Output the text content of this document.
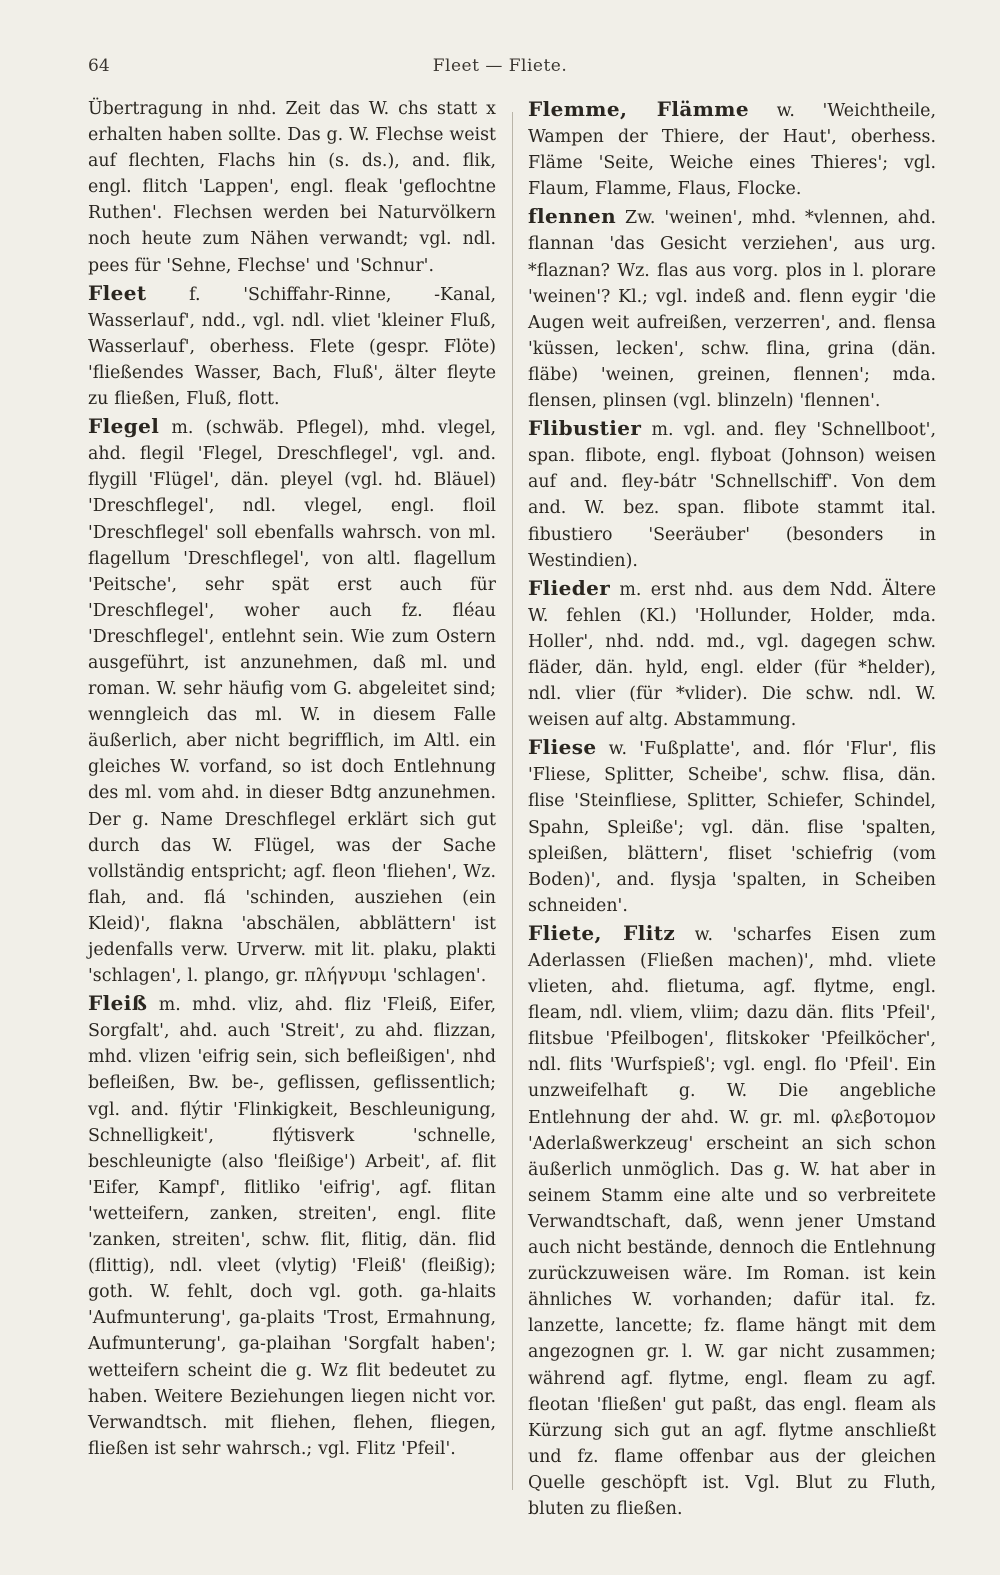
64	Fleet — Fliete.

Übertragung in nhd. Zeit das W. chs statt x erhalten haben sollte. Das g. W. Flechse weist auf flechten, Flachs hin (s. ds.), and. flik, engl. flitch 'Lappen', engl. fleak 'geflochtne Ruthen'. Flechsen werden bei Naturvölkern noch heute zum Nähen verwandt; vgl. ndl. pees für 'Sehne, Flechse' und 'Schnur'.

Fleet f. 'Schiffahr-Rinne, -Kanal, Wasserlauf', ndd., vgl. ndl. vliet 'kleiner Fluß, Wasserlauf', oberhess. Flete (gespr. Flöte) 'fließendes Wasser, Bach, Fluß', älter fleyte zu fließen, Fluß, flott.

Flegel m. (schwäb. Pflegel), mhd. vlegel, ahd. flegil 'Flegel, Dreschflegel', vgl. and. flygill 'Flügel', dän. pleyel (vgl. hd. Bläuel) 'Dreschflegel', ndl. vlegel, engl. floil 'Dreschflegel' soll ebenfalls wahrsch. von ml. flagellum 'Dreschflegel', von altl. flagellum 'Peitsche', sehr spät erst auch für 'Dreschflegel', woher auch fz. fléau 'Dreschflegel', entlehnt sein. Wie zum Ostern ausgeführt, ist anzunehmen, daß ml. und roman. W. sehr häufig vom G. abgeleitet sind; wenngleich das ml. W. in diesem Falle äußerlich, aber nicht begrifflich, im Altl. ein gleiches W. vorfand, so ist doch Entlehnung des ml. vom ahd. in dieser Bdtg anzunehmen. Der g. Name Dreschflegel erklärt sich gut durch das W. Flügel, was der Sache vollständig entspricht; agf. fleon 'fliehen', Wz. flah, and. flá 'schinden, ausziehen (ein Kleid)', flakna 'abschälen, abblättern' ist jedenfalls verw. Urverw. mit lit. plaku, plakti 'schlagen', l. plango, gr. πλήγνυμι 'schlagen'.

Fleiß m. mhd. vliz, ahd. fliz 'Fleiß, Eifer, Sorgfalt', ahd. auch 'Streit', zu ahd. flizzan, mhd. vlizen 'eifrig sein, sich befleißigen', nhd befleißen, Bw. be-, geflissen, geflissentlich; vgl. and. flýtir 'Flinkigkeit, Beschleunigung, Schnelligkeit', flýtisverk 'schnelle, beschleunigte (also 'fleißige') Arbeit', af. flit 'Eifer, Kampf', flitliko 'eifrig', agf. flitan 'wetteifern, zanken, streiten', engl. flite 'zanken, streiten', schw. flit, flitig, dän. flid (flittig), ndl. vleet (vlytig) 'Fleiß' (fleißig); goth. W. fehlt, doch vgl. goth. ga-hlaits 'Aufmunterung', ga-plaits 'Trost, Ermahnung, Aufmunterung', ga-plaihan 'Sorgfalt haben'; wetteifern scheint die g. Wz flit bedeutet zu haben. Weitere Beziehungen liegen nicht vor. Verwandtsch. mit fliehen, flehen, fliegen, fließen ist sehr wahrsch.; vgl. Flitz 'Pfeil'.

Flemme, Flämme w. 'Weichtheile, Wampen der Thiere, der Haut', oberhess. Fläme 'Seite, Weiche eines Thieres'; vgl. Flaum, Flamme, Flaus, Flocke.

flennen Zw. 'weinen', mhd. *vlennen, ahd. flannan 'das Gesicht verziehen', aus urg. *flaznan? Wz. flas aus vorg. plos in l. plorare 'weinen'? Kl.; vgl. indeß and. flenn eygir 'die Augen weit aufreißen, verzerren', and. flensa 'küssen, lecken', schw. flina, grina (dän. fläbe) 'weinen, greinen, flennen'; mda. flensen, plinsen (vgl. blinzeln) 'flennen'.

Flibustier m. vgl. and. fley 'Schnellboot', span. flibote, engl. flyboat (Johnson) weisen auf and. fley-bátr 'Schnellschiff'. Von dem and. W. bez. span. flibote stammt ital. fibustiero 'Seeräuber' (besonders in Westindien).

Flieder m. erst nhd. aus dem Ndd. Ältere W. fehlen (Kl.) 'Hollunder, Holder, mda. Holler', nhd. ndd. md., vgl. dagegen schw. fläder, dän. hyld, engl. elder (für *helder), ndl. vlier (für *vlider). Die schw. ndl. W. weisen auf altg. Abstammung.

Fliese w. 'Fußplatte', and. flór 'Flur', flis 'Fliese, Splitter, Scheibe', schw. flisa, dän. flise 'Steinfliese, Splitter, Schiefer, Schindel, Spahn, Spleiße'; vgl. dän. flise 'spalten, spleißen, blättern', fliset 'schiefrig (vom Boden)', and. flysja 'spalten, in Scheiben schneiden'.

Fliete, Flitz w. 'scharfes Eisen zum Aderlassen (Fließen machen)', mhd. vliete vlieten, ahd. flietuma, agf. flytme, engl. fleam, ndl. vliem, vliim; dazu dän. flits 'Pfeil', flitsbue 'Pfeilbogen', flitskoker 'Pfeilköcher', ndl. flits 'Wurfspieß'; vgl. engl. flo 'Pfeil'. Ein unzweifelhaft g. W. Die angebliche Entlehnung der ahd. W. gr. ml. φλεβοτομον 'Aderlaßwerkzeug' erscheint an sich schon äußerlich unmöglich. Das g. W. hat aber in seinem Stamm eine alte und so verbreitete Verwandtschaft, daß, wenn jener Umstand auch nicht bestände, dennoch die Entlehnung zurückzuweisen wäre. Im Roman. ist kein ähnliches W. vorhanden; dafür ital. fz. lanzette, lancette; fz. flame hängt mit dem angezognen gr. l. W. gar nicht zusammen; während agf. flytme, engl. fleam zu agf. fleotan 'fließen' gut paßt, das engl. fleam als Kürzung sich gut an agf. flytme anschließt und fz. flame offenbar aus der gleichen Quelle geschöpft ist. Vgl. Blut zu Fluth, bluten zu fließen.
